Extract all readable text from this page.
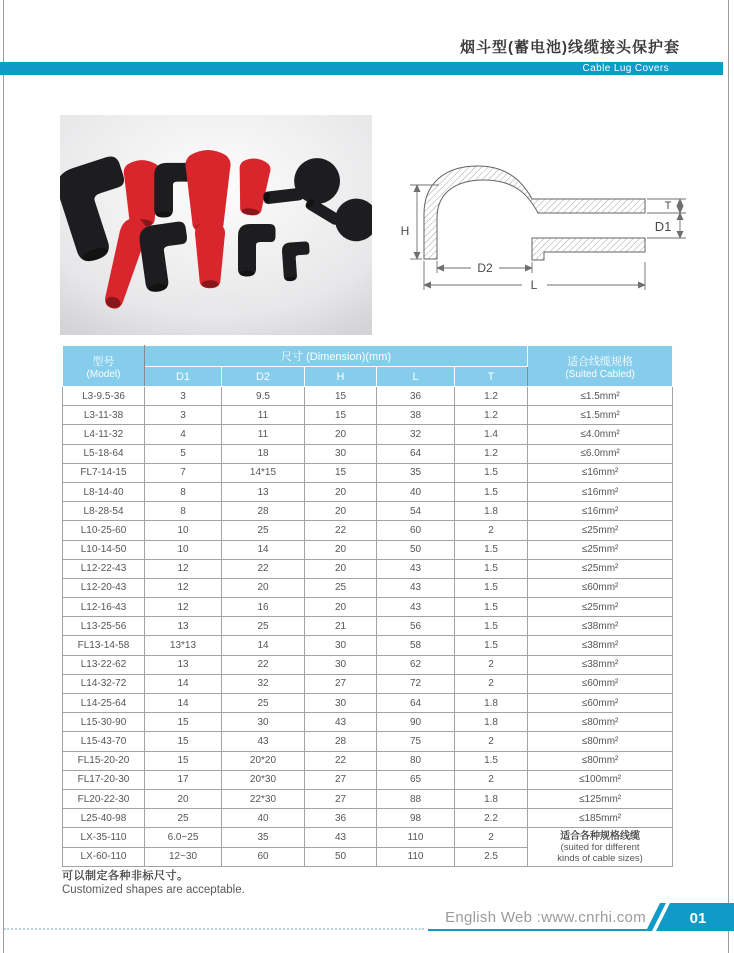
烟斗型(蓄电池)线缆接头保护套
Cable Lug Covers
H
T
D1
D2
L
型号
(Model)
	尺寸 (Dimension)(mm)	适合线缆规格
(Suited Cabled)

	D1	D2	H	L	T	
L3-9.5-36	3	9.5	15	36	1.2	≤1.5mm²
L3-11-38	3	11	15	38	1.2	≤1.5mm²
L4-11-32	4	11	20	32	1.4	≤4.0mm²
L5-18-64	5	18	30	64	1.2	≤6.0mm²
FL7-14-15	7	14*15	15	35	1.5	≤16mm²
L8-14-40	8	13	20	40	1.5	≤16mm²
L8-28-54	8	28	20	54	1.8	≤16mm²
L10-25-60	10	25	22	60	2	≤25mm²
L10-14-50	10	14	20	50	1.5	≤25mm²
L12-22-43	12	22	20	43	1.5	≤25mm²
L12-20-43	12	20	25	43	1.5	≤60mm²
L12-16-43	12	16	20	43	1.5	≤25mm²
L13-25-56	13	25	21	56	1.5	≤38mm²
FL13-14-58	13*13	14	30	58	1.5	≤38mm²
L13-22-62	13	22	30	62	2	≤38mm²
L14-32-72	14	32	27	72	2	≤60mm²
L14-25-64	14	25	30	64	1.8	≤60mm²
L15-30-90	15	30	43	90	1.8	≤80mm²
L15-43-70	15	43	28	75	2	≤80mm²
FL15-20-20	15	20*20	22	80	1.5	≤80mm²
FL17-20-30	17	20*30	27	65	2	≤100mm²
FL20-22-30	20	22*30	27	88	1.8	≤125mm²
L25-40-98	25	40	36	98	2.2	≤185mm²
LX-35-110	6.0~25	35	43	110	2	适合各种规格线缆
(suited for different
kinds of cable sizes)

LX-60-110	12~30	60	50	110	2.5	
可以制定各种非标尺寸。
Customized shapes are acceptable.
English Web :www.cnrhi.com	01
